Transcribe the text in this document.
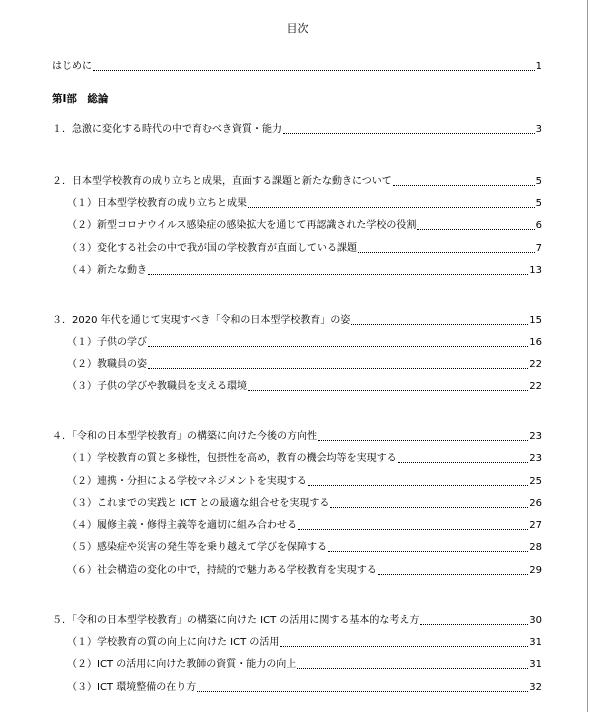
目次
第Ⅰ部　総論
はじめに	1
１．急激に変化する時代の中で育むべき資質・能力	3
２．日本型学校教育の成り立ちと成果，直面する課題と新たな動きについて	5
（１）日本型学校教育の成り立ちと成果	5
（２）新型コロナウイルス感染症の感染拡大を通じて再認識された学校の役割	6
（３）変化する社会の中で我が国の学校教育が直面している課題	7
（４）新たな動き	13
３．2020 年代を通じて実現すべき「令和の日本型学校教育」の姿	15
（１）子供の学び	16
（２）教職員の姿	22
（３）子供の学びや教職員を支える環境	22
４．「令和の日本型学校教育」の構築に向けた今後の方向性	23
（１）学校教育の質と多様性，包摂性を高め，教育の機会均等を実現する	23
（２）連携・分担による学校マネジメントを実現する	25
（３）これまでの実践と ICT との最適な組合せを実現する	26
（４）履修主義・修得主義等を適切に組み合わせる	27
（５）感染症や災害の発生等を乗り越えて学びを保障する	28
（６）社会構造の変化の中で，持続的で魅力ある学校教育を実現する	29
５．「令和の日本型学校教育」の構築に向けた ICT の活用に関する基本的な考え方	30
（１）学校教育の質の向上に向けた ICT の活用	31
（２）ICT の活用に向けた教師の資質・能力の向上	31
（３）ICT 環境整備の在り方	32
